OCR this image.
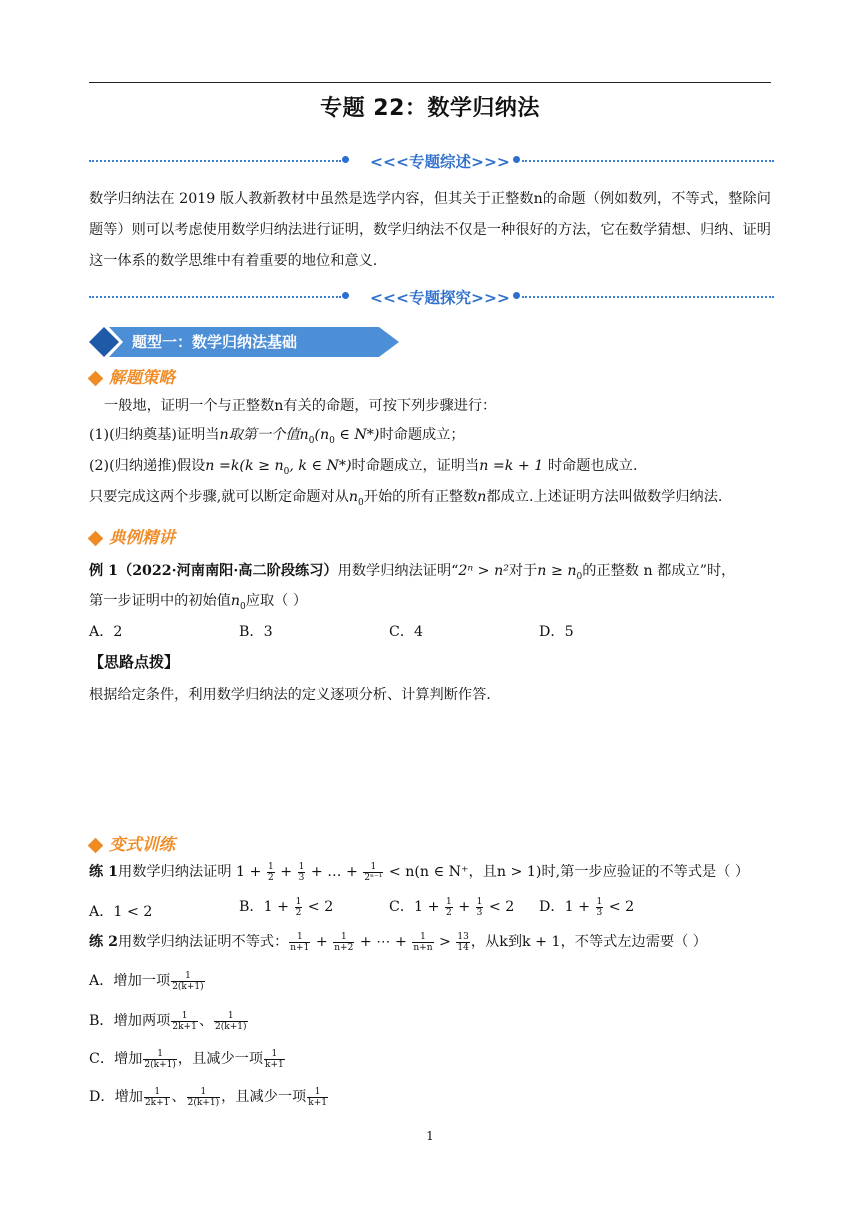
专题 22：数学归纳法
<<<专题综述>>>
数学归纳法在 2019 版人教新教材中虽然是选学内容，但其关于正整数n的命题（例如数列，不等式，整除问题等）则可以考虑使用数学归纳法进行证明，数学归纳法不仅是一种很好的方法，它在数学猜想、归纳、证明这一体系的数学思维中有着重要的地位和意义.
<<<专题探究>>>
题型一：数学归纳法基础
解题策略
一般地，证明一个与正整数n有关的命题，可按下列步骤进行：
(1)(归纳奠基)证明当n取第一个值$n_0(n_0$ ∈ N*)时命题成立；
(2)(归纳递推)假设$n =k(k \ge n_0$, k ∈ N*)时命题成立，证明当n =k + 1 时命题也成立.
只要完成这两个步骤,就可以断定命题对从$n_0$开始的所有正整数n都成立.上述证明方法叫做数学归纳法.
典例精讲
例 1（2022·河南南阳·高二阶段练习）用数学归纳法证明“2ⁿ > n²对于$n \ge n_0$的正整数 n 都成立”时，
第一步证明中的初始值$n_0$应取（ ）
A．2	B．3	C．4	D．5
【思路点拨】
根据给定条件，利用数学归纳法的定义逐项分析、计算判断作答.
变式训练
练 1用数学归纳法证明 $1 + \frac{1}{2} + \frac{1}{3}$ + … + $\frac{1}{\text{2ⁿ⁻¹}} < n(n$ ∈ N⁺，且n > 1)时,第一步应验证的不等式是（ ）
A．1 < 2	B．$1 + \frac{1}{2} < 2$	C．$1 + \frac{1}{2} + \frac{1}{3} < 2$ D．$1 + \frac{1}{3} < 2$
练 2用数学归纳法证明不等式： $\frac{1}{n+1} + \frac{1}{n+2}$ + ⋯ + $\frac{1}{n+n} > \frac{13}{14}$ ，从k到k + 1，不等式左边需要（ ）
A．增加一项 $\frac{1}{2(k+1)}$
B．增加两项 $\frac{1}{2k+1}$ 、 $\frac{1}{2(k+1)}$
C．增加 $\frac{1}{2(k+1)}$ ，且减少一项 $\frac{1}{k+1}$
D．增加 $\frac{1}{2k+1}$ 、 $\frac{1}{2(k+1)}$ ，且减少一项 $\frac{1}{k+1}$
1
